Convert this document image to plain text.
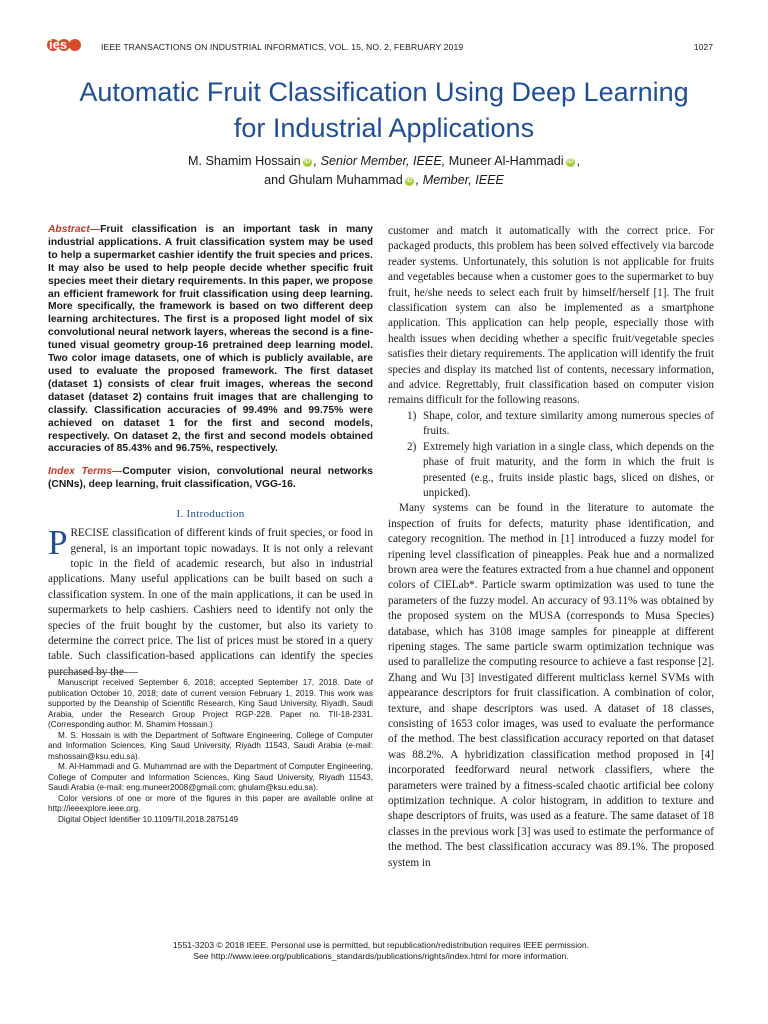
ies	IEEE TRANSACTIONS ON INDUSTRIAL INFORMATICS, VOL. 15, NO. 2, FEBRUARY 2019	1027
Automatic Fruit Classification Using Deep Learning for Industrial Applications
M. Shamim Hossain iD , Senior Member, IEEE, Muneer Al-Hammadi iD ,
and Ghulam Muhammad iD , Member, IEEE

Abstract—Fruit classification is an important task in many industrial applications. A fruit classification system may be used to help a supermarket cashier identify the fruit species and prices. It may also be used to help people decide whether specific fruit species meet their dietary requirements. In this paper, we propose an efficient framework for fruit classification using deep learning. More specifically, the framework is based on two different deep learning architectures. The first is a proposed light model of six convolutional neural network layers, whereas the second is a fine-tuned visual geometry group-16 pretrained deep learning model. Two color image datasets, one of which is publicly available, are used to evaluate the proposed framework. The first dataset (dataset 1) consists of clear fruit images, whereas the second dataset (dataset 2) contains fruit images that are challenging to classify. Classification accuracies of 99.49% and 99.75% were achieved on dataset 1 for the first and second models, respectively. On dataset 2, the first and second models obtained accuracies of 85.43% and 96.75%, respectively.

Index Terms—Computer vision, convolutional neural networks (CNNs), deep learning, fruit classification, VGG-16.

I. Introduction

PRECISE classification of different kinds of fruit species, or food in general, is an important topic nowadays. It is not only a relevant topic in the field of academic research, but also in industrial applications. Many useful applications can be built based on such a classification system. In one of the main applications, it can be used in supermarkets to help cashiers. Cashiers need to identify not only the species of the fruit bought by the customer, but also its variety to determine the correct price. The list of prices must be stored in a query table. Such classification-based applications can identify the species purchased by the

Manuscript received September 6, 2018; accepted September 17, 2018. Date of publication October 10, 2018; date of current version February 1, 2019. This work was supported by the Deanship of Scientific Research, King Saud University, Riyadh, Saudi Arabia, under the Research Group Project RGP-228. Paper no. TII-18-2331. (Corresponding author: M. Shamim Hossain.)

M. S. Hossain is with the Department of Software Engineering, College of Computer and Information Sciences, King Saud University, Riyadh 11543, Saudi Arabia (e-mail: mshossain@ksu.edu.sa).

M. Al-Hammadi and G. Muhammad are with the Department of Computer Engineering, College of Computer and Information Sciences, King Saud University, Riyadh 11543, Saudi Arabia (e-mail: eng.muneer2008@gmail.com; ghulam@ksu.edu.sa).

Color versions of one or more of the figures in this paper are available online at http://ieeexplore.ieee.org.

Digital Object Identifier 10.1109/TII.2018.2875149

customer and match it automatically with the correct price. For packaged products, this problem has been solved effectively via barcode reader systems. Unfortunately, this solution is not applicable for fruits and vegetables because when a customer goes to the supermarket to buy fruit, he/she needs to select each fruit by himself/herself [1]. The fruit classification system can also be implemented as a smartphone application. This application can help people, especially those with health issues when deciding whether a specific fruit/vegetable species satisfies their dietary requirements. The application will identify the fruit species and display its matched list of contents, necessary information, and advice. Regrettably, fruit classification based on computer vision remains difficult for the following reasons.

1) Shape, color, and texture similarity among numerous species of fruits.
2) Extremely high variation in a single class, which depends on the phase of fruit maturity, and the form in which the fruit is presented (e.g., fruits inside plastic bags, sliced on dishes, or unpicked).

Many systems can be found in the literature to automate the inspection of fruits for defects, maturity phase identification, and category recognition. The method in [1] introduced a fuzzy model for ripening level classification of pineapples. Peak hue and a normalized brown area were the features extracted from a hue channel and opponent colors of CIELab*. Particle swarm optimization was used to tune the parameters of the fuzzy model. An accuracy of 93.11% was obtained by the proposed system on the MUSA (corresponds to Musa Species) database, which has 3108 image samples for pineapple at different ripening stages. The same particle swarm optimization technique was used to parallelize the computing resource to achieve a fast response [2]. Zhang and Wu [3] investigated different multiclass kernel SVMs with appearance descriptors for fruit classification. A combination of color, texture, and shape descriptors was used. A dataset of 18 classes, consisting of 1653 color images, was used to evaluate the performance of the method. The best classification accuracy reported on that dataset was 88.2%. A hybridization classification method proposed in [4] incorporated feedforward neural network classifiers, where the parameters were trained by a fitness-scaled chaotic artificial bee colony optimization technique. A color histogram, in addition to texture and shape descriptors of fruits, was used as a feature. The same dataset of 18 classes in the previous work [3] was used to estimate the performance of the method. The best classification accuracy was 89.1%. The proposed system in

1551-3203 © 2018 IEEE. Personal use is permitted, but republication/redistribution requires IEEE permission.
See http://www.ieee.org/publications_standards/publications/rights/index.html for more information.
